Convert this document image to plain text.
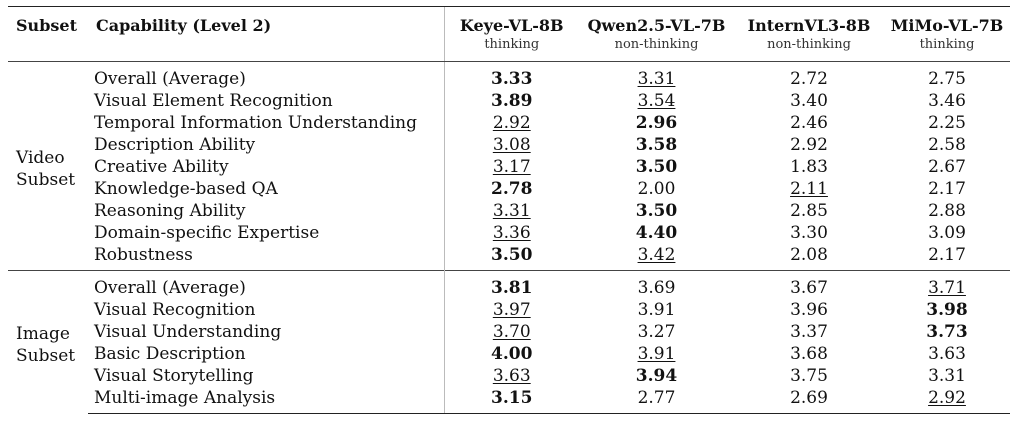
Subset	Capability (Level 2)	Keye-VL-8B	Qwen2.5-VL-7B	InternVL3-8B	MiMo-VL-7B
		thinking	non-thinking	non-thinking	thinking

Video
Subset	Overall (Average)	3.33	3.31	2.72	2.75
	Visual Element Recognition	3.89	3.54	3.40	3.46
	Temporal Information Understanding	2.92	2.96	2.46	2.25
	Description Ability	3.08	3.58	2.92	2.58
	Creative Ability	3.17	3.50	1.83	2.67
	Knowledge-based QA	2.78	2.00	2.11	2.17
	Reasoning Ability	3.31	3.50	2.85	2.88
	Domain-specific Expertise	3.36	4.40	3.30	3.09
	Robustness	3.50	3.42	2.08	2.17

Image
Subset	Overall (Average)	3.81	3.69	3.67	3.71
	Visual Recognition	3.97	3.91	3.96	3.98
	Visual Understanding	3.70	3.27	3.37	3.73
	Basic Description	4.00	3.91	3.68	3.63
	Visual Storytelling	3.63	3.94	3.75	3.31
	Multi-image Analysis	3.15	2.77	2.69	2.92
